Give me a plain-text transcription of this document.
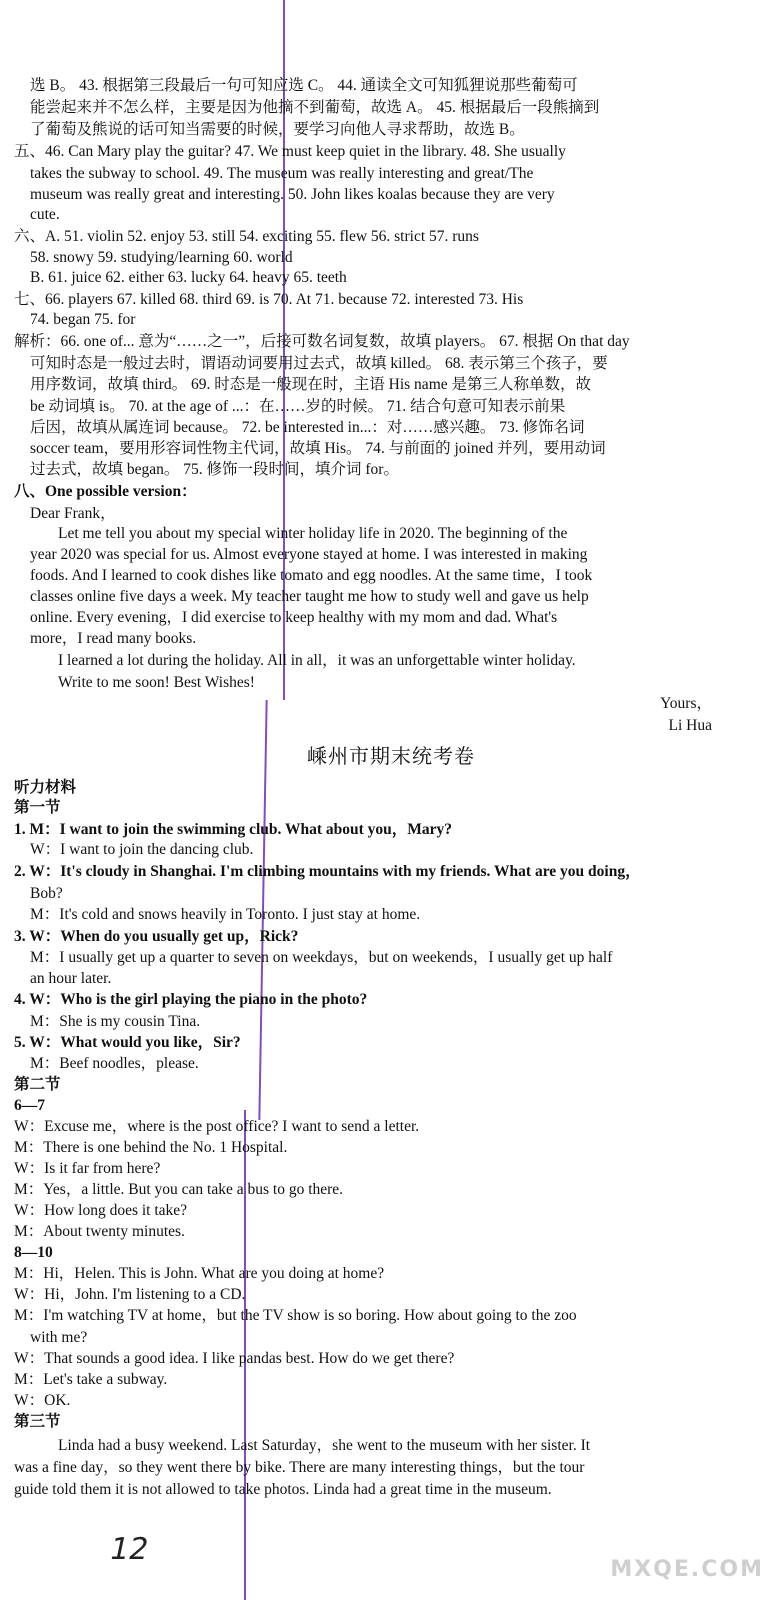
选 B。 43. 根据第三段最后一句可知应选 C。 44. 通读全文可知狐狸说那些葡萄可
能尝起来并不怎么样，主要是因为他摘不到葡萄，故选 A。 45. 根据最后一段熊摘到
了葡萄及熊说的话可知当需要的时候，要学习向他人寻求帮助，故选 B。
五、46. Can Mary play the guitar? 47. We must keep quiet in the library. 48. She usually
takes the subway to school. 49. The museum was really interesting and great/The
museum was really great and interesting. 50. John likes koalas because they are very
cute.
六、A. 51. violin 52. enjoy 53. still 54. exciting 55. flew 56. strict 57. runs
58. snowy 59. studying/learning 60. world
B. 61. juice 62. either 63. lucky 64. heavy 65. teeth
七、66. players 67. killed 68. third 69. is 70. At 71. because 72. interested 73. His
74. began 75. for
解析：66. one of... 意为“……之一”，后接可数名词复数，故填 players。 67. 根据 On that day
可知时态是一般过去时，谓语动词要用过去式，故填 killed。 68. 表示第三个孩子，要
用序数词，故填 third。 69. 时态是一般现在时，主语 His name 是第三人称单数，故
be 动词填 is。 70. at the age of ...：在……岁的时候。 71. 结合句意可知表示前果
后因，故填从属连词 because。 72. be interested in...：对……感兴趣。 73. 修饰名词
soccer team，要用形容词性物主代词，故填 His。 74. 与前面的 joined 并列，要用动词
过去式，故填 began。 75. 修饰一段时间，填介词 for。
八、One possible version：
Dear Frank，
Let me tell you about my special winter holiday life in 2020. The beginning of the
year 2020 was special for us. Almost everyone stayed at home. I was interested in making
foods. And I learned to cook dishes like tomato and egg noodles. At the same time，I took
classes online five days a week. My teacher taught me how to study well and gave us help
online. Every evening，I did exercise to keep healthy with my mom and dad. What's
more，I read many books.
I learned a lot during the holiday. All in all，it was an unforgettable winter holiday.
Write to me soon! Best Wishes!
Yours，
Li Hua
嵊州市期末统考卷
听力材料
第一节
1. M：I want to join the swimming club. What about you，Mary?
W：I want to join the dancing club.
2. W：It's cloudy in Shanghai. I'm climbing mountains with my friends. What are you doing，
Bob?
M：It's cold and snows heavily in Toronto. I just stay at home.
3. W：When do you usually get up，Rick?
M：I usually get up a quarter to seven on weekdays，but on weekends，I usually get up half
an hour later.
4. W：Who is the girl playing the piano in the photo?
M：She is my cousin Tina.
5. W：What would you like，Sir?
M：Beef noodles，please.
第二节
6—7
W：Excuse me，where is the post office? I want to send a letter.
M：There is one behind the No. 1 Hospital.
W：Is it far from here?
M：Yes，a little. But you can take a bus to go there.
W：How long does it take?
M：About twenty minutes.
8—10
M：Hi，Helen. This is John. What are you doing at home?
W：Hi，John. I'm listening to a CD.
M：I'm watching TV at home，but the TV show is so boring. How about going to the zoo
with me?
W：That sounds a good idea. I like pandas best. How do we get there?
M：Let's take a subway.
W：OK.
第三节
Linda had a busy weekend. Last Saturday，she went to the museum with her sister. It
was a fine day，so they went there by bike. There are many interesting things，but the tour
guide told them it is not allowed to take photos. Linda had a great time in the museum.
12
MXQE.COM
